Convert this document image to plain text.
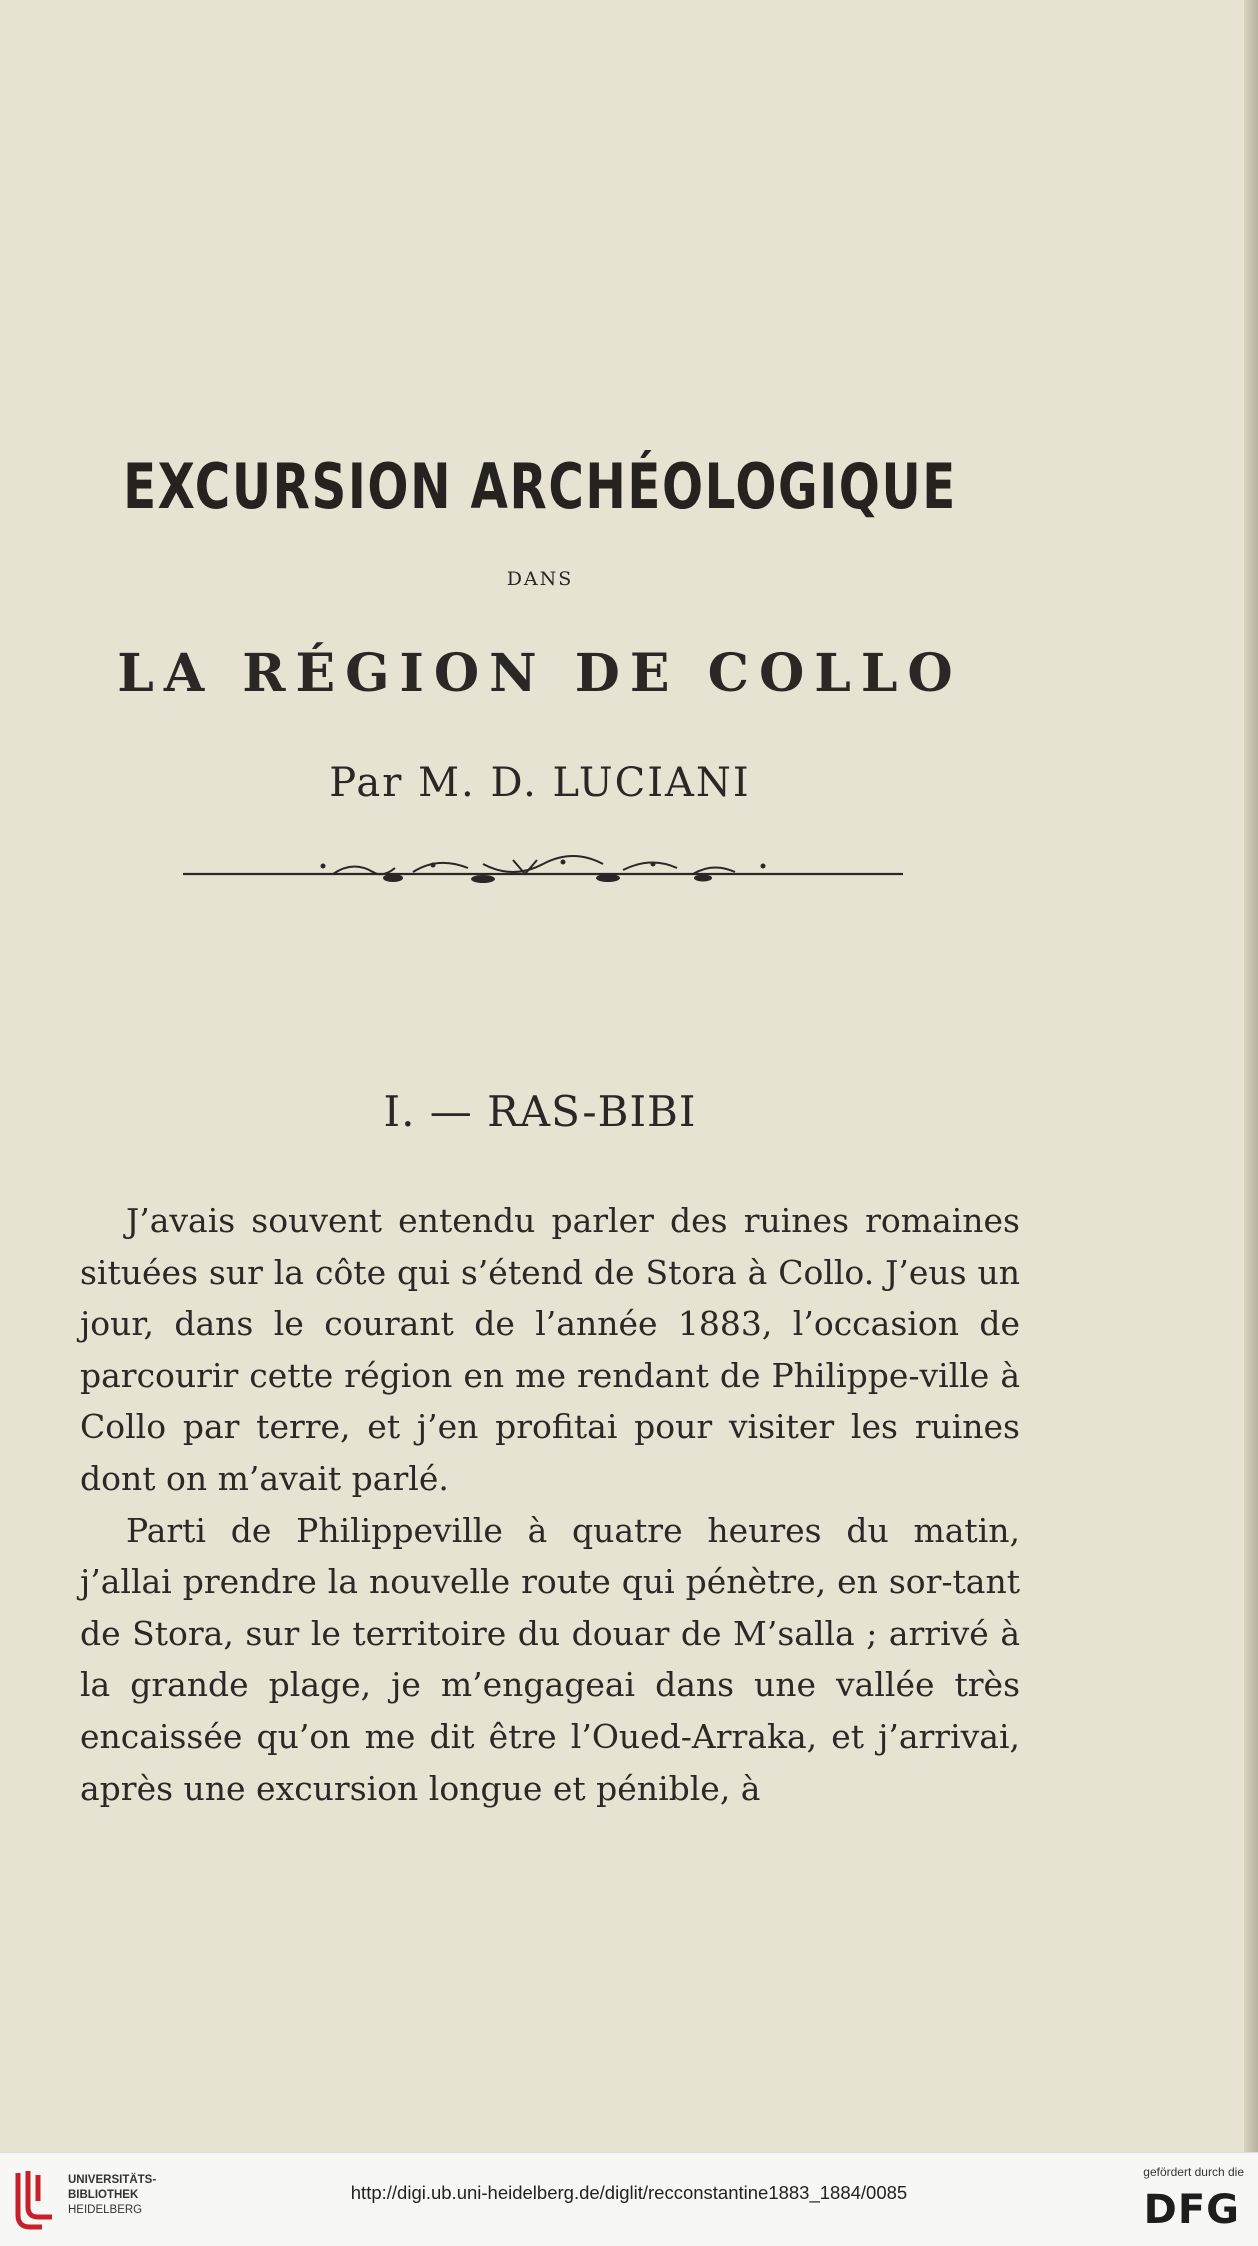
EXCURSION ARCHÉOLOGIQUE
DANS
LA RÉGION DE COLLO
Par M. D. LUCIANI
I. — RAS-BIBI

J’avais souvent entendu parler des ruines romaines situées sur la côte qui s’étend de Stora à Collo. J’eus un jour, dans le courant de l’année 1883, l’occasion de parcourir cette région en me rendant de Philippe-ville à Collo par terre, et j’en profitai pour visiter les ruines dont on m’avait parlé.

Parti de Philippeville à quatre heures du matin, j’allai prendre la nouvelle route qui pénètre, en sor-tant de Stora, sur le territoire du douar de M’salla ; arrivé à la grande plage, je m’engageai dans une vallée très encaissée qu’on me dit être l’Oued-Arraka, et j’arrivai, après une excursion longue et pénible, à

UNIVERSITÄTS-
BIBLIOTHEK
HEIDELBERG
http://digi.ub.uni-heidelberg.de/diglit/recconstantine1883_1884/0085
gefördert durch die
DFG
